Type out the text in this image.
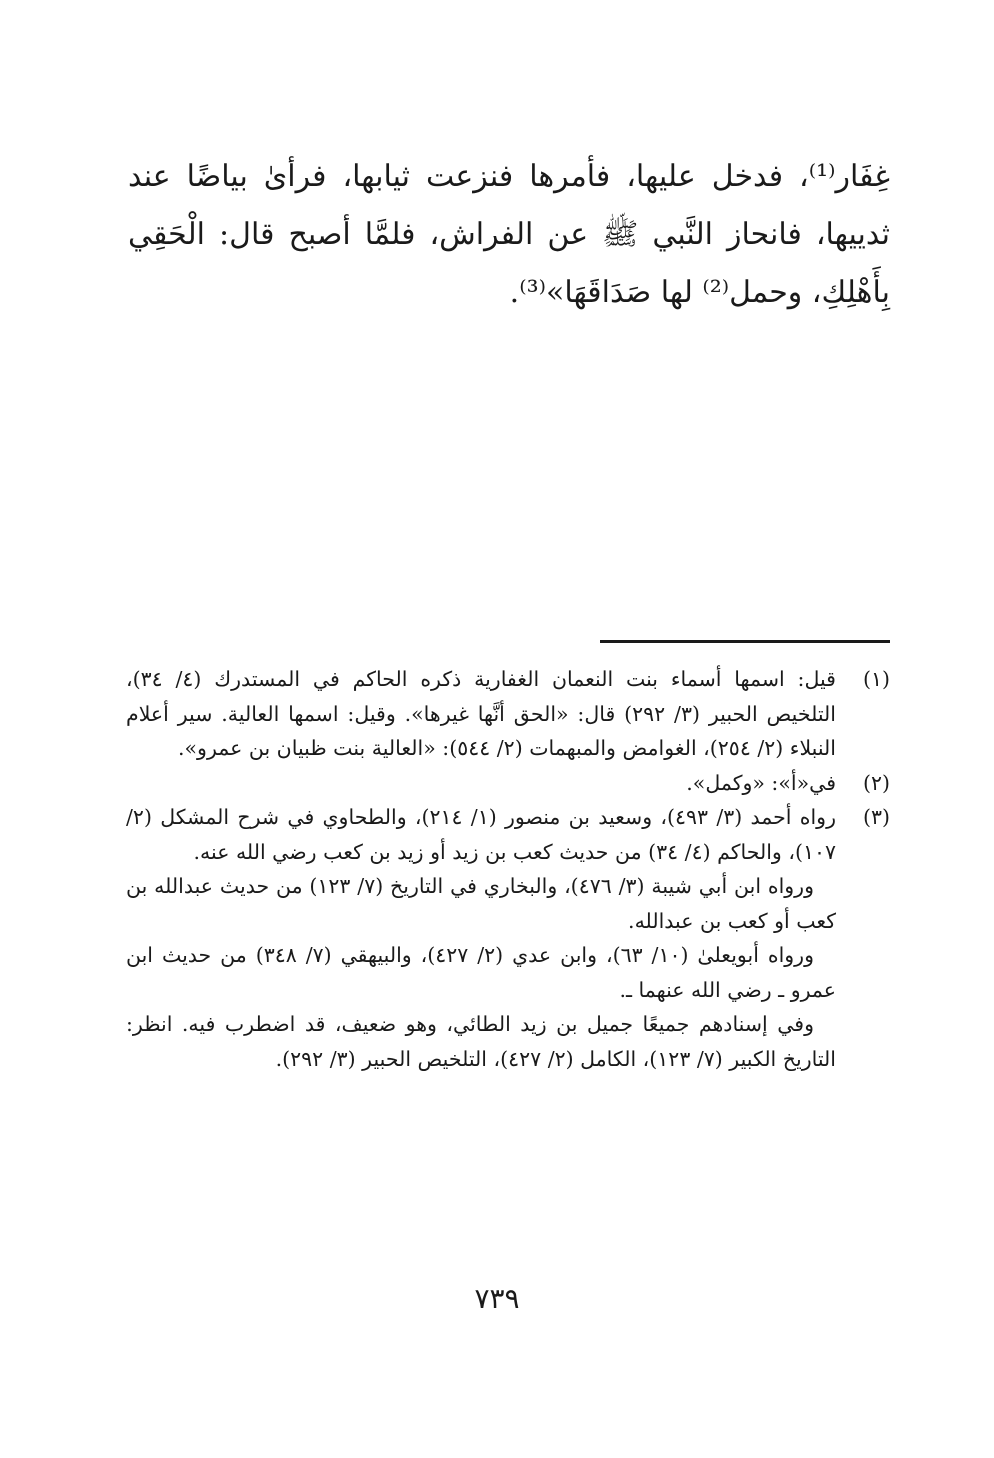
غِفَار⁽¹⁾، فدخل عليها، فأمرها فنزعت ثيابها، فرأىٰ بياضًا عند ثدييها، فانحاز النَّبي ﷺ عن الفراش، فلمَّا أصبح قال: الْحَقِي بِأَهْلِكِ، وحمل⁽²⁾ لها صَدَاقَهَا»⁽³⁾.

(١)

قيل: اسمها أسماء بنت النعمان الغفارية ذكره الحاكم في المستدرك (٤/ ٣٤)، التلخيص الحبير (٣/ ٢٩٢) قال: «الحق أنَّها غيرها». وقيل: اسمها العالية. سير أعلام النبلاء (٢/ ٢٥٤)، الغوامض والمبهمات (٢/ ٥٤٤): «العالية بنت ظبيان بن عمرو».

(٢)

في«أ»: «وكمل».

(٣)

رواه أحمد (٣/ ٤٩٣)، وسعيد بن منصور (١/ ٢١٤)، والطحاوي في شرح المشكل (٢/ ١٠٧)، والحاكم (٤/ ٣٤) من حديث كعب بن زيد أو زيد بن كعب رضي الله عنه.

ورواه ابن أبي شيبة (٣/ ٤٧٦)، والبخاري في التاريخ (٧/ ١٢٣) من حديث عبدالله بن كعب أو كعب بن عبدالله.

ورواه أبويعلىٰ (١٠/ ٦٣)، وابن عدي (٢/ ٤٢٧)، والبيهقي (٧/ ٣٤٨) من حديث ابن عمرو ـ رضي الله عنهما ـ.

وفي إسنادهم جميعًا جميل بن زيد الطائي، وهو ضعيف، قد اضطرب فيه. انظر: التاريخ الكبير (٧/ ١٢٣)، الكامل (٢/ ٤٢٧)، التلخيص الحبير (٣/ ٢٩٢).

٧٣٩
